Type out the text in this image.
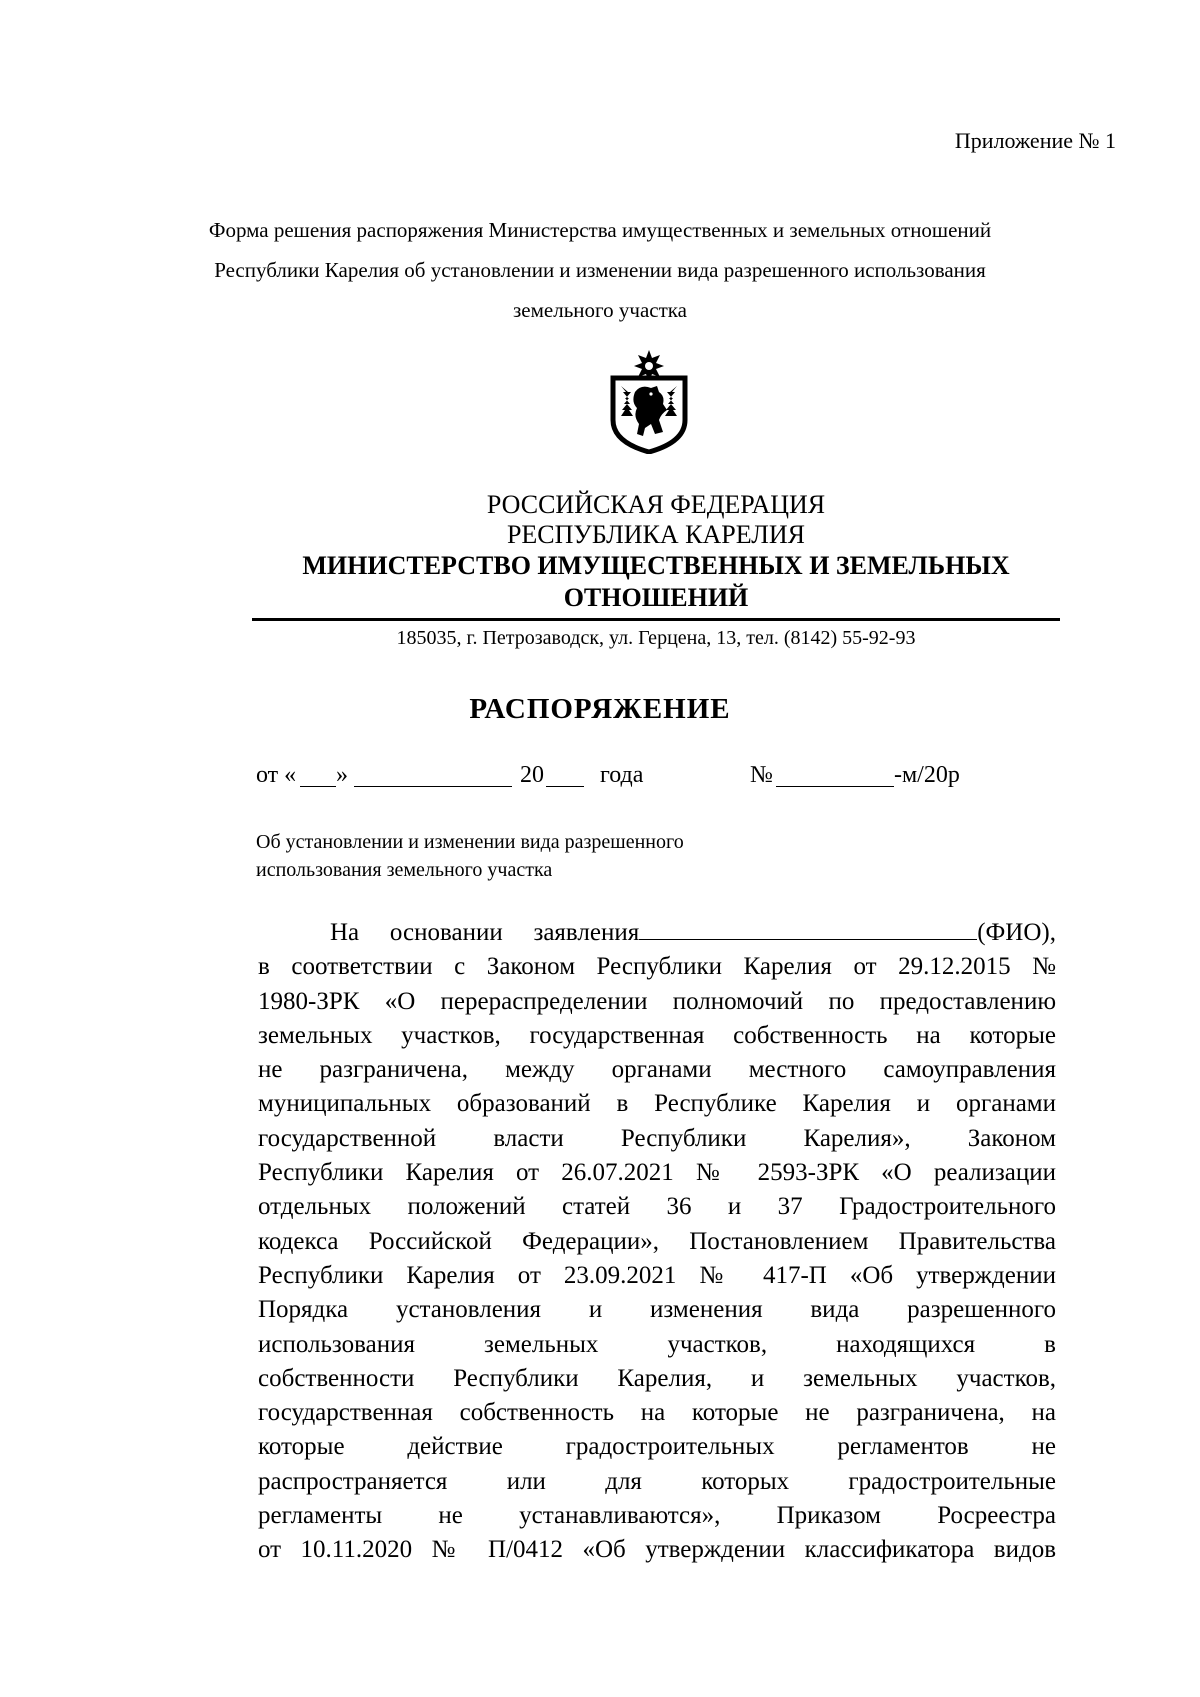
Приложение № 1
Форма решения распоряжения Министерства имущественных и земельных отношений
Республики Карелия об установлении и изменении вида разрешенного использования
земельного участка
РОССИЙСКАЯ ФЕДЕРАЦИЯ
РЕСПУБЛИКА КАРЕЛИЯ
МИНИСТЕРСТВО ИМУЩЕСТВЕННЫХ И ЗЕМЕЛЬНЫХ
ОТНОШЕНИЙ
185035, г. Петрозаводск, ул. Герцена, 13, тел. (8142) 55-92-93
РАСПОРЯЖЕНИЕ
от « »	20 года	№	-м/20р
Об установлении и изменении вида разрешенного
использования земельного участка
На основании заявления	(ФИО),
в соответствии с Законом Республики Карелия от 29.12.2015 №
1980-ЗРК «О перераспределении полномочий по предоставлению
земельных участков, государственная собственность на которые
не разграничена, между органами местного самоуправления
муниципальных образований в Республике Карелия и органами
государственной власти Республики Карелия», Законом
Республики Карелия от 26.07.2021 № 2593-ЗРК «О реализации
отдельных положений статей 36 и 37 Градостроительного
кодекса Российской Федерации», Постановлением Правительства
Республики Карелия от 23.09.2021 № 417-П «Об утверждении
Порядка установления и изменения вида разрешенного
использования земельных участков, находящихся в
собственности Республики Карелия, и земельных участков,
государственная собственность на которые не разграничена, на
которые действие градостроительных регламентов не
распространяется или для которых градостроительные
регламенты не устанавливаются», Приказом Росреестра
от 10.11.2020 № П/0412 «Об утверждении классификатора видов
